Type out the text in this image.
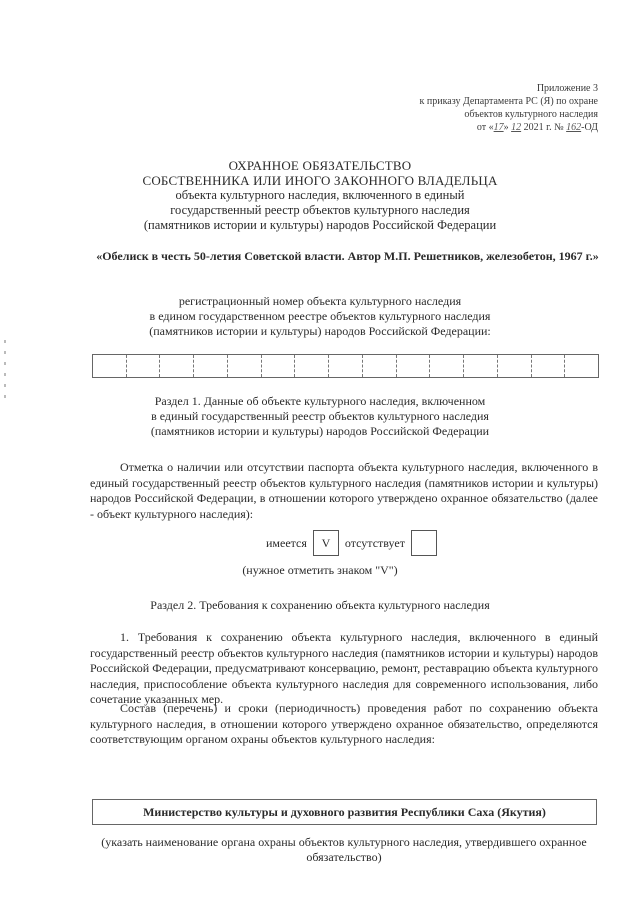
Приложение 3
к приказу Департамента РС (Я) по охране
объектов культурного наследия
от «17» 12 2021 г. № 162-ОД
ОХРАННОЕ ОБЯЗАТЕЛЬСТВО
СОБСТВЕННИКА ИЛИ ИНОГО ЗАКОННОГО ВЛАДЕЛЬЦА
объекта культурного наследия, включенного в единый
государственный реестр объектов культурного наследия
(памятников истории и культуры) народов Российской Федерации
«Обелиск в честь 50-летия Советской власти. Автор М.П. Решетников, железобетон, 1967 г.»
регистрационный номер объекта культурного наследия
в едином государственном реестре объектов культурного наследия
(памятников истории и культуры) народов Российской Федерации:
Раздел 1. Данные об объекте культурного наследия, включенном
в единый государственный реестр объектов культурного наследия
(памятников истории и культуры) народов Российской Федерации
Отметка о наличии или отсутствии паспорта объекта культурного наследия, включенного в единый государственный реестр объектов культурного наследия (памятников истории и культуры) народов Российской Федерации, в отношении которого утверждено охранное обязательство (далее - объект культурного наследия):
имеется	V	отсутствует
(нужное отметить знаком "V")
Раздел 2. Требования к сохранению объекта культурного наследия
1. Требования к сохранению объекта культурного наследия, включенного в единый государственный реестр объектов культурного наследия (памятников истории и культуры) народов Российской Федерации, предусматривают консервацию, ремонт, реставрацию объекта культурного наследия, приспособление объекта культурного наследия для современного использования, либо сочетание указанных мер.
Состав (перечень) и сроки (периодичность) проведения работ по сохранению объекта культурного наследия, в отношении которого утверждено охранное обязательство, определяются соответствующим органом охраны объектов культурного наследия:
Министерство культуры и духовного развития Республики Саха (Якутия)
(указать наименование органа охраны объектов культурного наследия, утвердившего охранное обязательство)
